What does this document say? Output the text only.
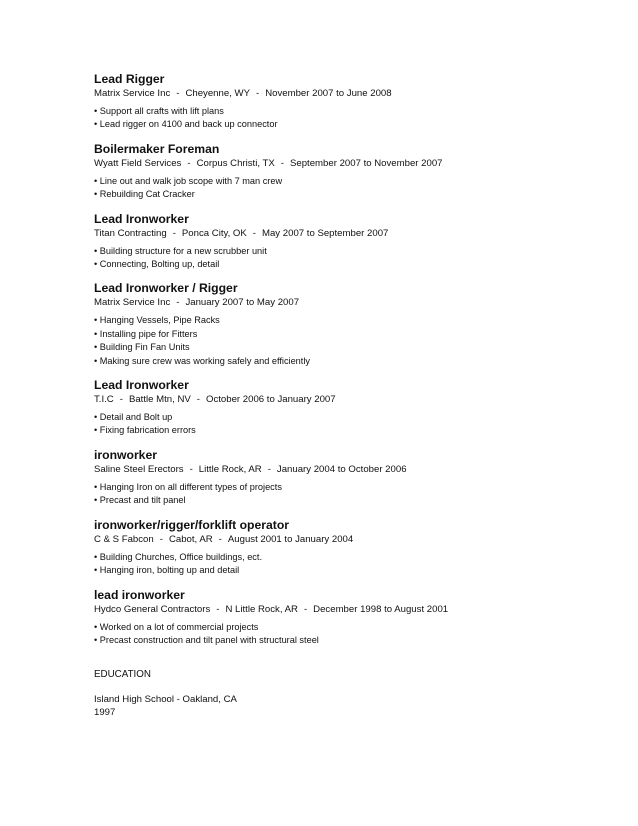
Lead Rigger
Matrix Service Inc - Cheyenne, WY - November 2007 to June 2008
• Support all crafts with lift plans
• Lead rigger on 4100 and back up connector
Boilermaker Foreman
Wyatt Field Services - Corpus Christi, TX - September 2007 to November 2007
• Line out and walk job scope with 7 man crew
• Rebuilding Cat Cracker
Lead Ironworker
Titan Contracting - Ponca City, OK - May 2007 to September 2007
• Building structure for a new scrubber unit
• Connecting, Bolting up, detail
Lead Ironworker / Rigger
Matrix Service Inc - January 2007 to May 2007
• Hanging Vessels, Pipe Racks
• Installing pipe for Fitters
• Building Fin Fan Units
• Making sure crew was working safely and efficiently
Lead Ironworker
T.I.C - Battle Mtn, NV - October 2006 to January 2007
• Detail and Bolt up
• Fixing fabrication errors
ironworker
Saline Steel Erectors - Little Rock, AR - January 2004 to October 2006
• Hanging Iron on all different types of projects
• Precast and tilt panel
ironworker/rigger/forklift operator
C & S Fabcon - Cabot, AR - August 2001 to January 2004
• Building Churches, Office buildings, ect.
• Hanging iron, bolting up and detail
lead ironworker
Hydco General Contractors - N Little Rock, AR - December 1998 to August 2001
• Worked on a lot of commercial projects
• Precast construction and tilt panel with structural steel
EDUCATION
Island High School - Oakland, CA
1997
